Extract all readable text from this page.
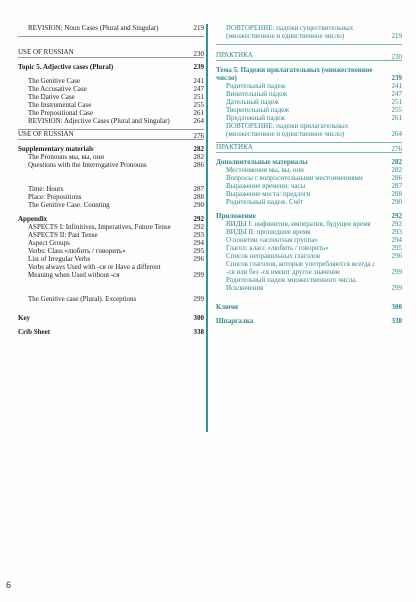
REVISION: Noun Cases (Plural and Singular)	219
USE OF RUSSIAN	230
Topic 5. Adjective cases (Plural)	239
The Genitive Case	241
The Accusative Case	247
The Dative Case	251
The Instrumental Case	255
The Prepositional Case	261
REVISION: Adjective Cases (Plural and Singular)	264
USE OF RUSSIAN	276
Supplementary materials	282
The Pronouns мы, вы, они	282
Questions with the Interrogative Pronouns	286
Time: Hours	287
Place: Prepositions	288
The Genitive Case. Counting	290
Appendix	292
ASPECTS I: Infinitives, Imperatives, Future Tense	292
ASPECTS II: Past Tense	293
Aspect Groups	294
Verbs: Class «любить / говорить»	295
List of Irregular Verbs	296
Verbs always Used with -ся or Have a different Meaning when Used without -ся	299
The Genitive case (Plural). Exceptions	299
Key	300
Crib Sheet	338
ПОВТОРЕНИЕ: падежи существительных (множественное и единственное число)	219
ПРАКТИКА	230
Тема 5. Падежи прилагательных (множественное число)	239
Родительный падеж	241
Винительный падеж	247
Дательный падеж	251
Творительный падеж	255
Предложный падеж	261
ПОВТОРЕНИЕ: падежи прилагательных (множественное и единственное число)	264
ПРАКТИКА	276
Дополнительные материалы	282
Местоимения мы, вы, они	282
Вопросы с вопросительными местоимениями	286
Выражение времени: часы	287
Выражение места: предлоги	288
Родительный падеж. Счёт	290
Приложение	292
ВИДЫ I: инфинитив, императив, будущее время	292
ВИДЫ II: прошедшее время	293
О понятии «аспектная группа»	294
Глагол: класс «любить / говорить»	295
Список неправильных глаголов	296
Список глаголов, которые употребляются всегда с -ся или без -ся имеют другое значение	299
Родительный падеж множественного числа. Исключения	299
Ключи	300
Шпаргалка	338
6
